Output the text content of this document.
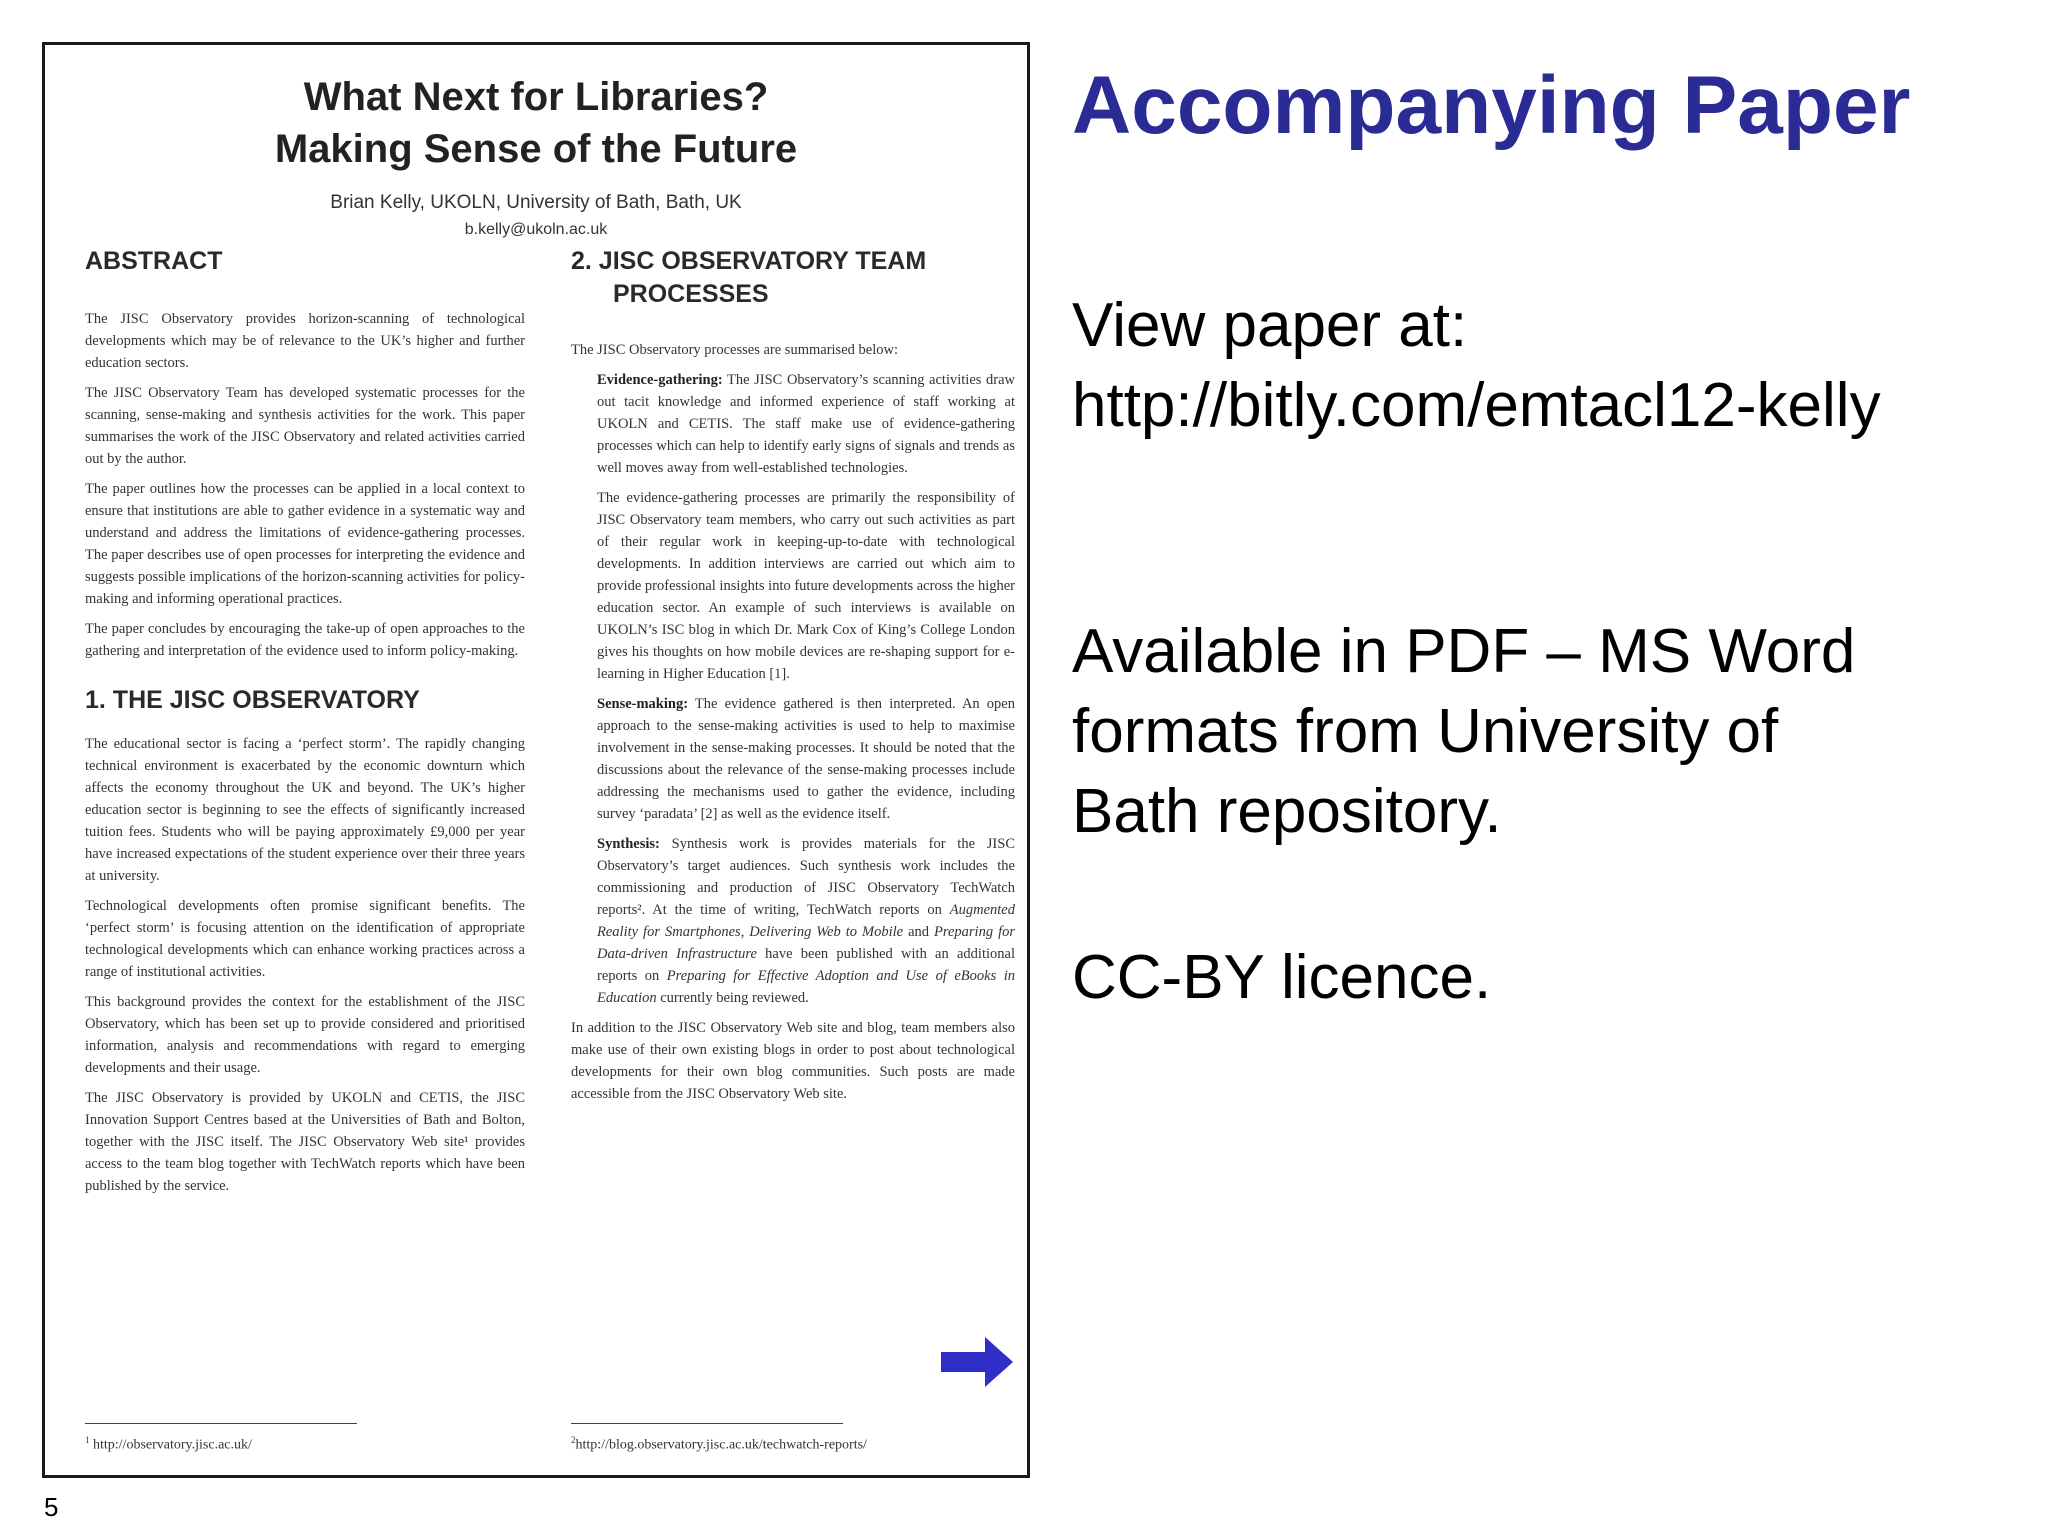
What Next for Libraries?
Making Sense of the Future
Brian Kelly, UKOLN, University of Bath, Bath, UK
b.kelly@ukoln.ac.uk
ABSTRACT

The JISC Observatory provides horizon-scanning of technological developments which may be of relevance to the UK’s higher and further education sectors.

The JISC Observatory Team has developed systematic processes for the scanning, sense-making and synthesis activities for the work. This paper summarises the work of the JISC Observatory and related activities carried out by the author.

The paper outlines how the processes can be applied in a local context to ensure that institutions are able to gather evidence in a systematic way and understand and address the limitations of evidence-gathering processes. The paper describes use of open processes for interpreting the evidence and suggests possible implications of the horizon-scanning activities for policy-making and informing operational practices.

The paper concludes by encouraging the take-up of open approaches to the gathering and interpretation of the evidence used to inform policy-making.

1. THE JISC OBSERVATORY

The educational sector is facing a ‘perfect storm’. The rapidly changing technical environment is exacerbated by the economic downturn which affects the economy throughout the UK and beyond. The UK’s higher education sector is beginning to see the effects of significantly increased tuition fees. Students who will be paying approximately £9,000 per year have increased expectations of the student experience over their three years at university.

Technological developments often promise significant benefits. The ‘perfect storm’ is focusing attention on the identification of appropriate technological developments which can enhance working practices across a range of institutional activities.

This background provides the context for the establishment of the JISC Observatory, which has been set up to provide considered and prioritised information, analysis and recommendations with regard to emerging developments and their usage.

The JISC Observatory is provided by UKOLN and CETIS, the JISC Innovation Support Centres based at the Universities of Bath and Bolton, together with the JISC itself. The JISC Observatory Web site¹ provides access to the team blog together with TechWatch reports which have been published by the service.

2. JISC OBSERVATORY TEAM PROCESSES

The JISC Observatory processes are summarised below:

Evidence-gathering: The JISC Observatory’s scanning activities draw out tacit knowledge and informed experience of staff working at UKOLN and CETIS. The staff make use of evidence-gathering processes which can help to identify early signs of signals and trends as well moves away from well-established technologies.

The evidence-gathering processes are primarily the responsibility of JISC Observatory team members, who carry out such activities as part of their regular work in keeping-up-to-date with technological developments. In addition interviews are carried out which aim to provide professional insights into future developments across the higher education sector. An example of such interviews is available on UKOLN’s ISC blog in which Dr. Mark Cox of King’s College London gives his thoughts on how mobile devices are re-shaping support for e-learning in Higher Education [1].

Sense-making: The evidence gathered is then interpreted. An open approach to the sense-making activities is used to help to maximise involvement in the sense-making processes. It should be noted that the discussions about the relevance of the sense-making processes include addressing the mechanisms used to gather the evidence, including survey ‘paradata’ [2] as well as the evidence itself.

Synthesis: Synthesis work is provides materials for the JISC Observatory’s target audiences. Such synthesis work includes the commissioning and production of JISC Observatory TechWatch reports². At the time of writing, TechWatch reports on Augmented Reality for Smartphones, Delivering Web to Mobile and Preparing for Data-driven Infrastructure have been published with an additional reports on Preparing for Effective Adoption and Use of eBooks in Education currently being reviewed.

In addition to the JISC Observatory Web site and blog, team members also make use of their own existing blogs in order to post about technological developments for their own blog communities. Such posts are made accessible from the JISC Observatory Web site.

$^1$ http://observatory.jisc.ac.uk/	$^2$http://blog.observatory.jisc.ac.uk/techwatch-reports/
Accompanying Paper

View paper at:

http://bitly.com/emtacl12-kelly

Available in PDF – MS Word

formats from University of

Bath repository.

CC-BY licence.

5
